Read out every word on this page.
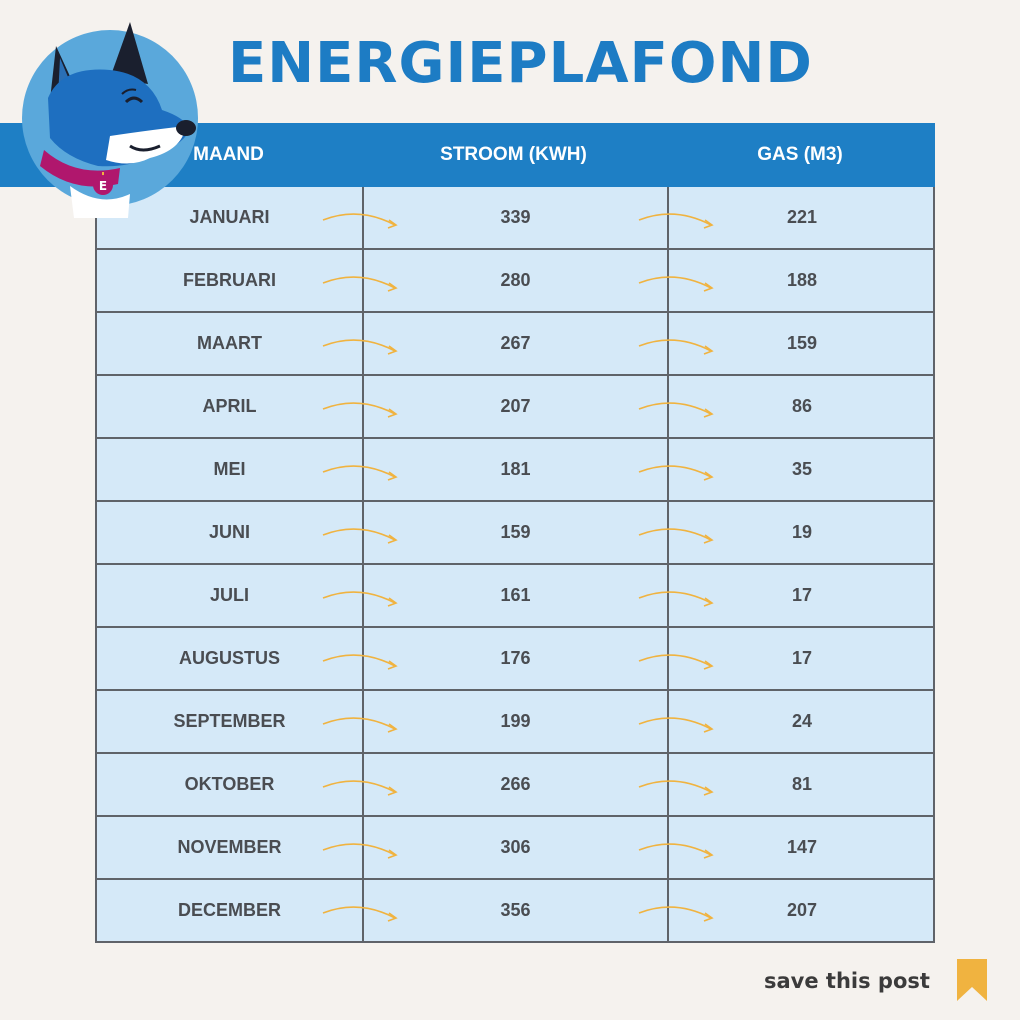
ENERGIEPLAFOND
MAAND	STROOM (KWH)	GAS (M3)
JANUARI	339	221
FEBRUARI	280	188
MAART	267	159
APRIL	207	86
MEI	181	35
JUNI	159	19
JULI	161	17
AUGUSTUS	176	17
SEPTEMBER	199	24
OKTOBER	266	81
NOVEMBER	306	147
DECEMBER	356	207
E
save this post
